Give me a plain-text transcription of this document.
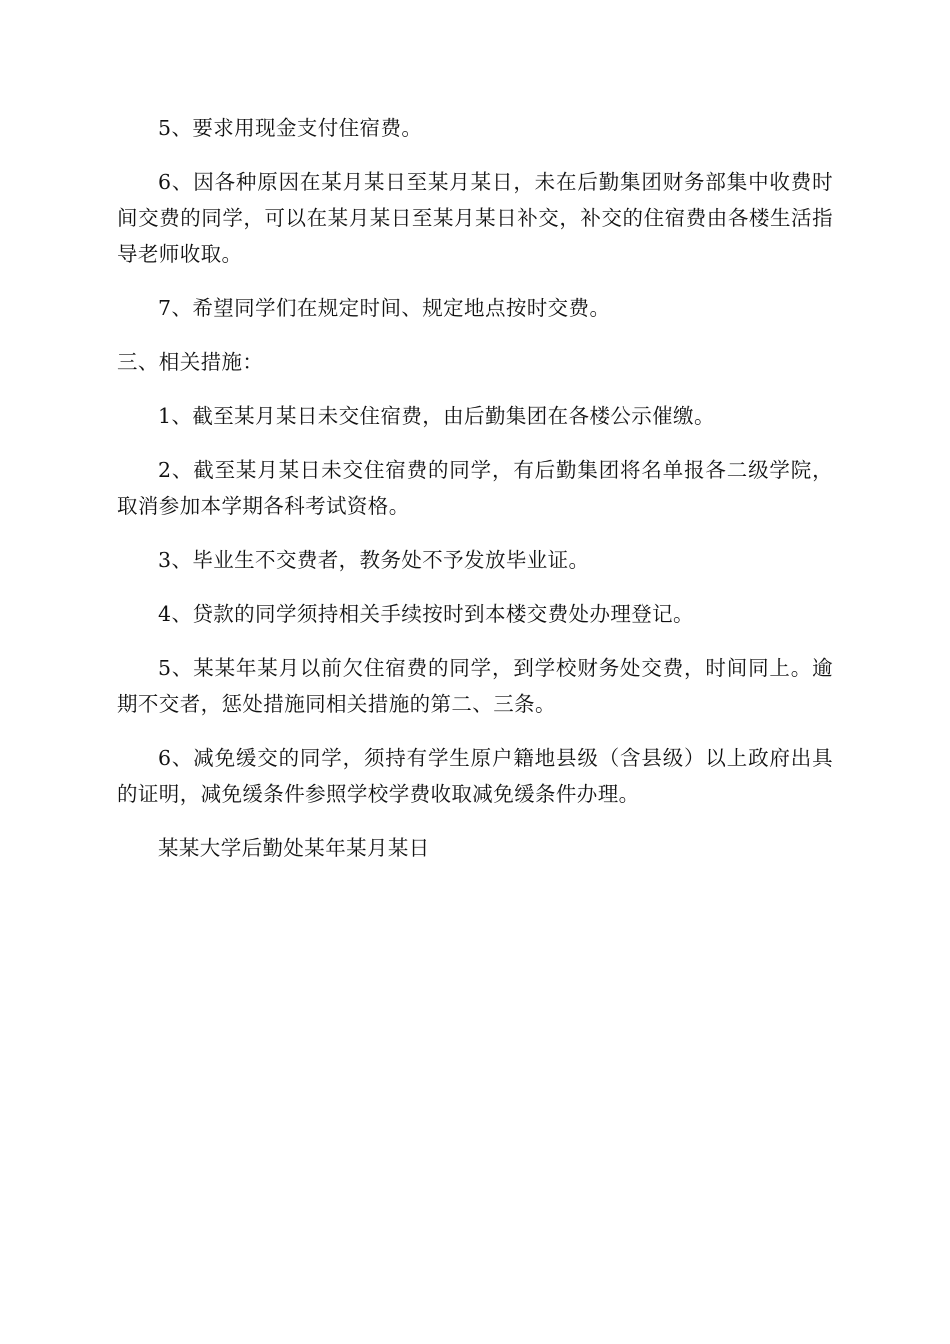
5、要求用现金支付住宿费。

6、因各种原因在某月某日至某月某日，未在后勤集团财务部集中收费时间交费的同学，可以在某月某日至某月某日补交，补交的住宿费由各楼生活指导老师收取。

7、希望同学们在规定时间、规定地点按时交费。

三、相关措施：

1、截至某月某日未交住宿费，由后勤集团在各楼公示催缴。

2、截至某月某日未交住宿费的同学，有后勤集团将名单报各二级学院，取消参加本学期各科考试资格。

3、毕业生不交费者，教务处不予发放毕业证。

4、贷款的同学须持相关手续按时到本楼交费处办理登记。

5、某某年某月以前欠住宿费的同学，到学校财务处交费，时间同上。逾期不交者，惩处措施同相关措施的第二、三条。

6、减免缓交的同学，须持有学生原户籍地县级（含县级）以上政府出具的证明，减免缓条件参照学校学费收取减免缓条件办理。

某某大学后勤处某年某月某日
